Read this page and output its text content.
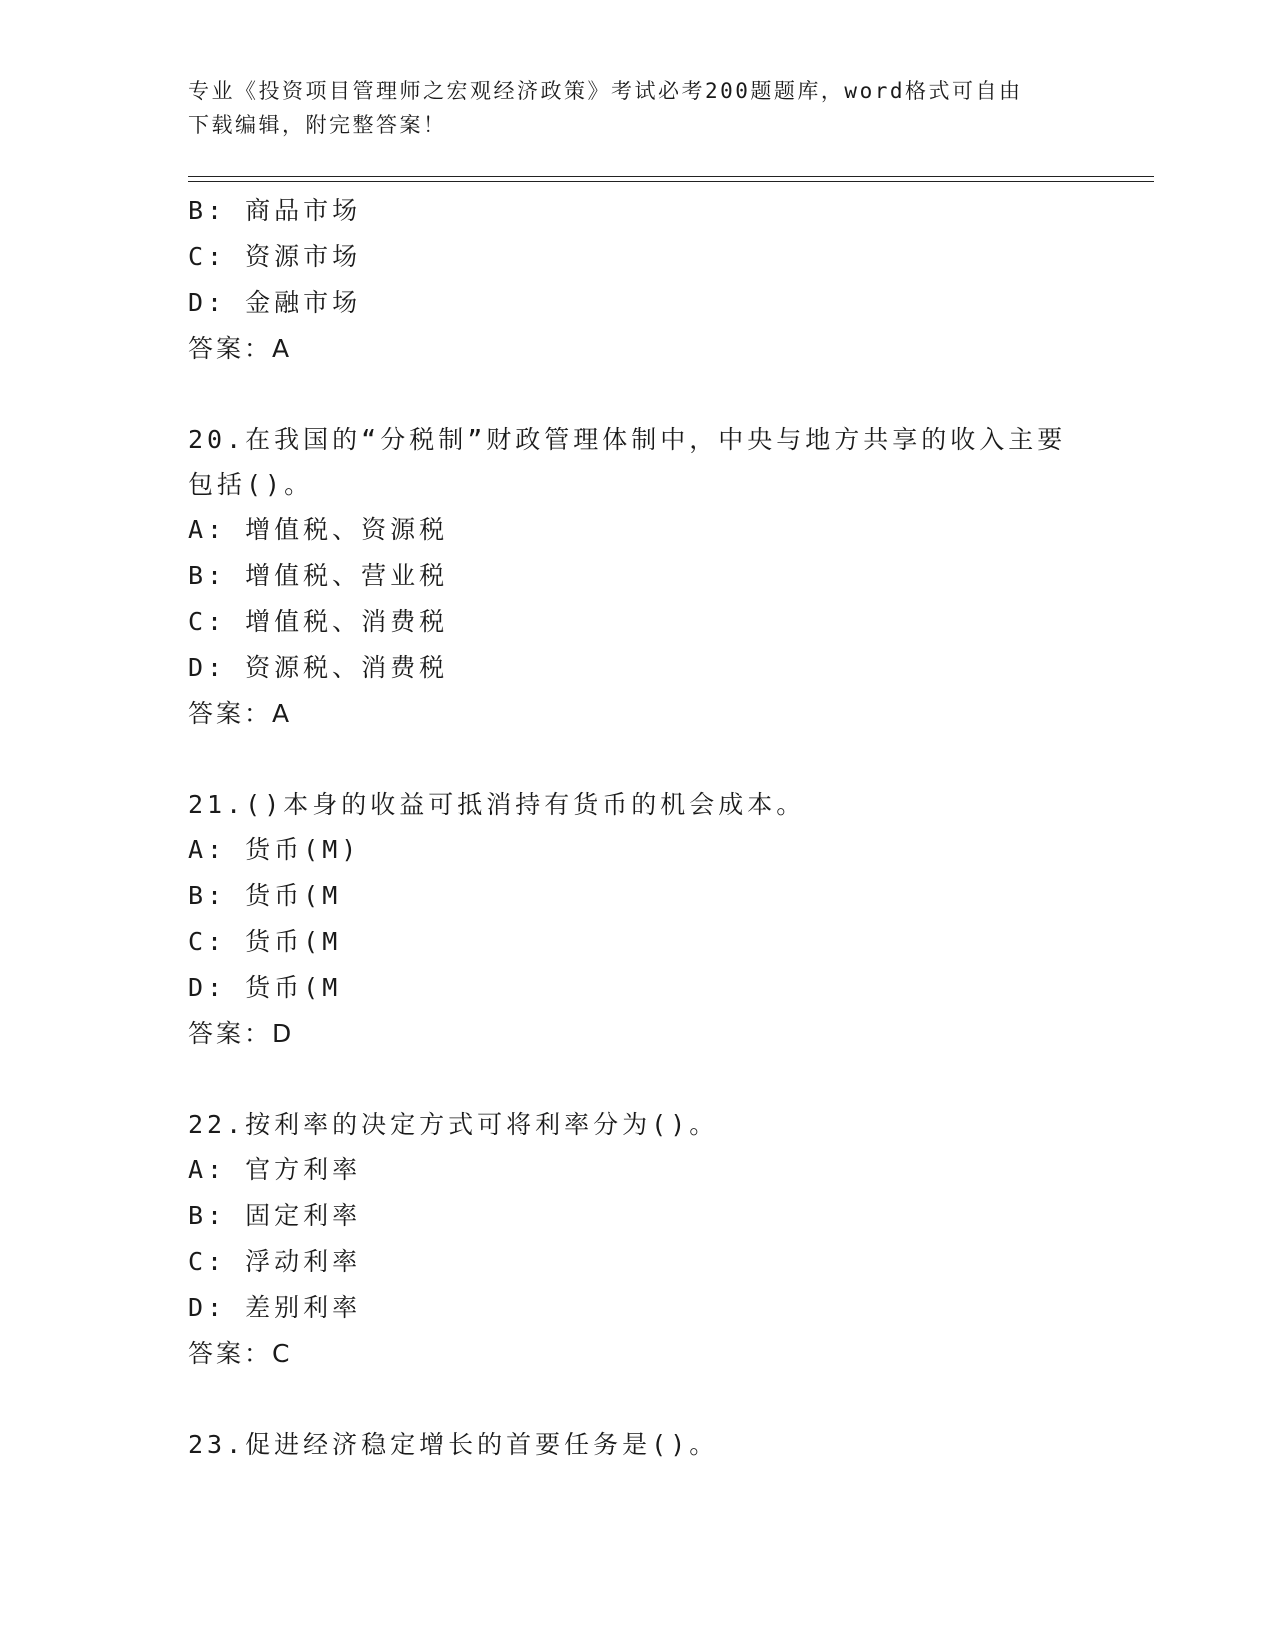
专业《投资项目管理师之宏观经济政策》考试必考200题题库，word格式可自由
下载编辑，附完整答案！
B: 商品市场
C: 资源市场
D: 金融市场
答案：A
20.在我国的“分税制”财政管理体制中，中央与地方共享的收入主要
包括()。
A: 增值税、资源税
B: 增值税、营业税
C: 增值税、消费税
D: 资源税、消费税
答案：A
21.()本身的收益可抵消持有货币的机会成本。
A: 货币(M)
B: 货币(M
C: 货币(M
D: 货币(M
答案：D
22.按利率的决定方式可将利率分为()。
A: 官方利率
B: 固定利率
C: 浮动利率
D: 差别利率
答案：C
23.促进经济稳定增长的首要任务是()。
